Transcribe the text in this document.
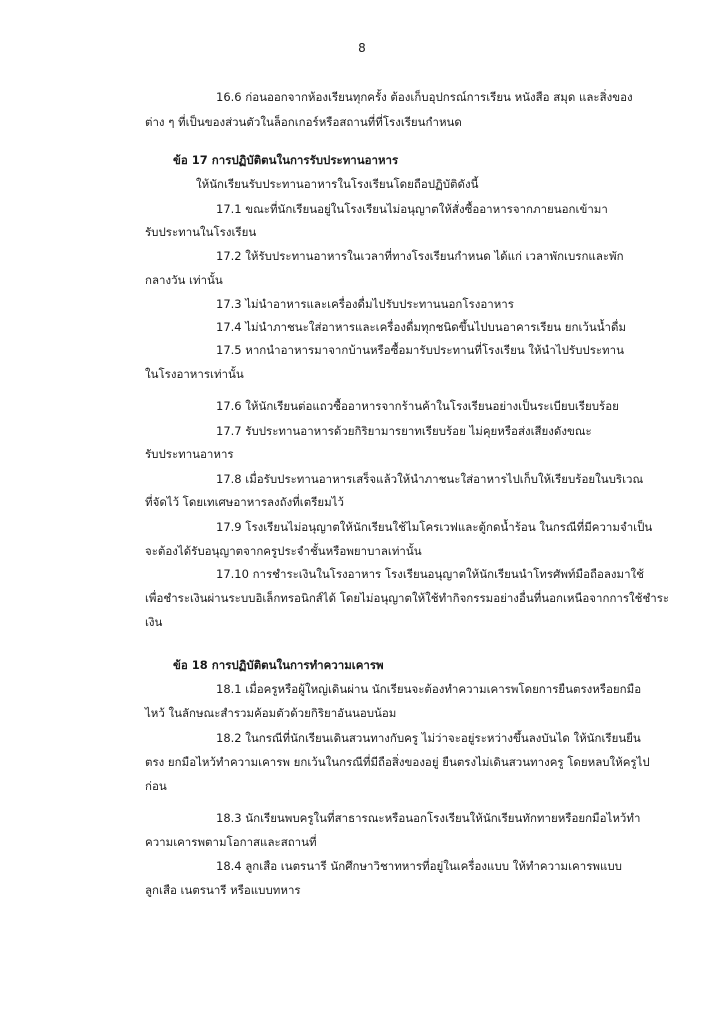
8
16.6 ก่อนออกจากห้องเรียนทุกครั้ง ต้องเก็บอุปกรณ์การเรียน หนังสือ สมุด และสิ่งของ
ต่าง ๆ ที่เป็นของส่วนตัวในล็อกเกอร์หรือสถานที่ที่โรงเรียนกำหนด
ข้อ 17 การปฏิบัติตนในการรับประทานอาหาร
ให้นักเรียนรับประทานอาหารในโรงเรียนโดยถือปฏิบัติดังนี้
17.1 ขณะที่นักเรียนอยู่ในโรงเรียนไม่อนุญาตให้สั่งซื้ออาหารจากภายนอกเข้ามา
รับประทานในโรงเรียน
17.2 ให้รับประทานอาหารในเวลาที่ทางโรงเรียนกำหนด ได้แก่ เวลาพักเบรกและพัก
กลางวัน เท่านั้น
17.3 ไม่นำอาหารและเครื่องดื่มไปรับประทานนอกโรงอาหาร
17.4 ไม่นำภาชนะใส่อาหารและเครื่องดื่มทุกชนิดขึ้นไปบนอาคารเรียน ยกเว้นน้ำดื่ม
17.5 หากนำอาหารมาจากบ้านหรือซื้อมารับประทานที่โรงเรียน ให้นำไปรับประทาน
ในโรงอาหารเท่านั้น
17.6 ให้นักเรียนต่อแถวซื้ออาหารจากร้านค้าในโรงเรียนอย่างเป็นระเบียบเรียบร้อย
17.7 รับประทานอาหารด้วยกิริยามารยาทเรียบร้อย ไม่คุยหรือส่งเสียงดังขณะ
รับประทานอาหาร
17.8 เมื่อรับประทานอาหารเสร็จแล้วให้นำภาชนะใส่อาหารไปเก็บให้เรียบร้อยในบริเวณ
ที่จัดไว้ โดยเทเศษอาหารลงถังที่เตรียมไว้
17.9 โรงเรียนไม่อนุญาตให้นักเรียนใช้ไมโครเวฟและตู้กดน้ำร้อน ในกรณีที่มีความจำเป็น
จะต้องได้รับอนุญาตจากครูประจำชั้นหรือพยาบาลเท่านั้น
17.10 การชำระเงินในโรงอาหาร โรงเรียนอนุญาตให้นักเรียนนำโทรศัพท์มือถือลงมาใช้
เพื่อชำระเงินผ่านระบบอิเล็กทรอนิกส์ได้ โดยไม่อนุญาตให้ใช้ทำกิจกรรมอย่างอื่นที่นอกเหนือจากการใช้ชำระ
เงิน
ข้อ 18 การปฏิบัติตนในการทำความเคารพ
18.1 เมื่อครูหรือผู้ใหญ่เดินผ่าน นักเรียนจะต้องทำความเคารพโดยการยืนตรงหรือยกมือ
ไหว้ ในลักษณะสำรวมค้อมตัวด้วยกิริยาอันนอบน้อม
18.2 ในกรณีที่นักเรียนเดินสวนทางกับครู ไม่ว่าจะอยู่ระหว่างขึ้นลงบันได ให้นักเรียนยืน
ตรง ยกมือไหว้ทำความเคารพ ยกเว้นในกรณีที่มีถือสิ่งของอยู่ ยืนตรงไม่เดินสวนทางครู โดยหลบให้ครูไป
ก่อน
18.3 นักเรียนพบครูในที่สาธารณะหรือนอกโรงเรียนให้นักเรียนทักทายหรือยกมือไหว้ทำ
ความเคารพตามโอกาสและสถานที่
18.4 ลูกเสือ เนตรนารี นักศึกษาวิชาทหารที่อยู่ในเครื่องแบบ ให้ทำความเคารพแบบ
ลูกเสือ เนตรนารี หรือแบบทหาร
